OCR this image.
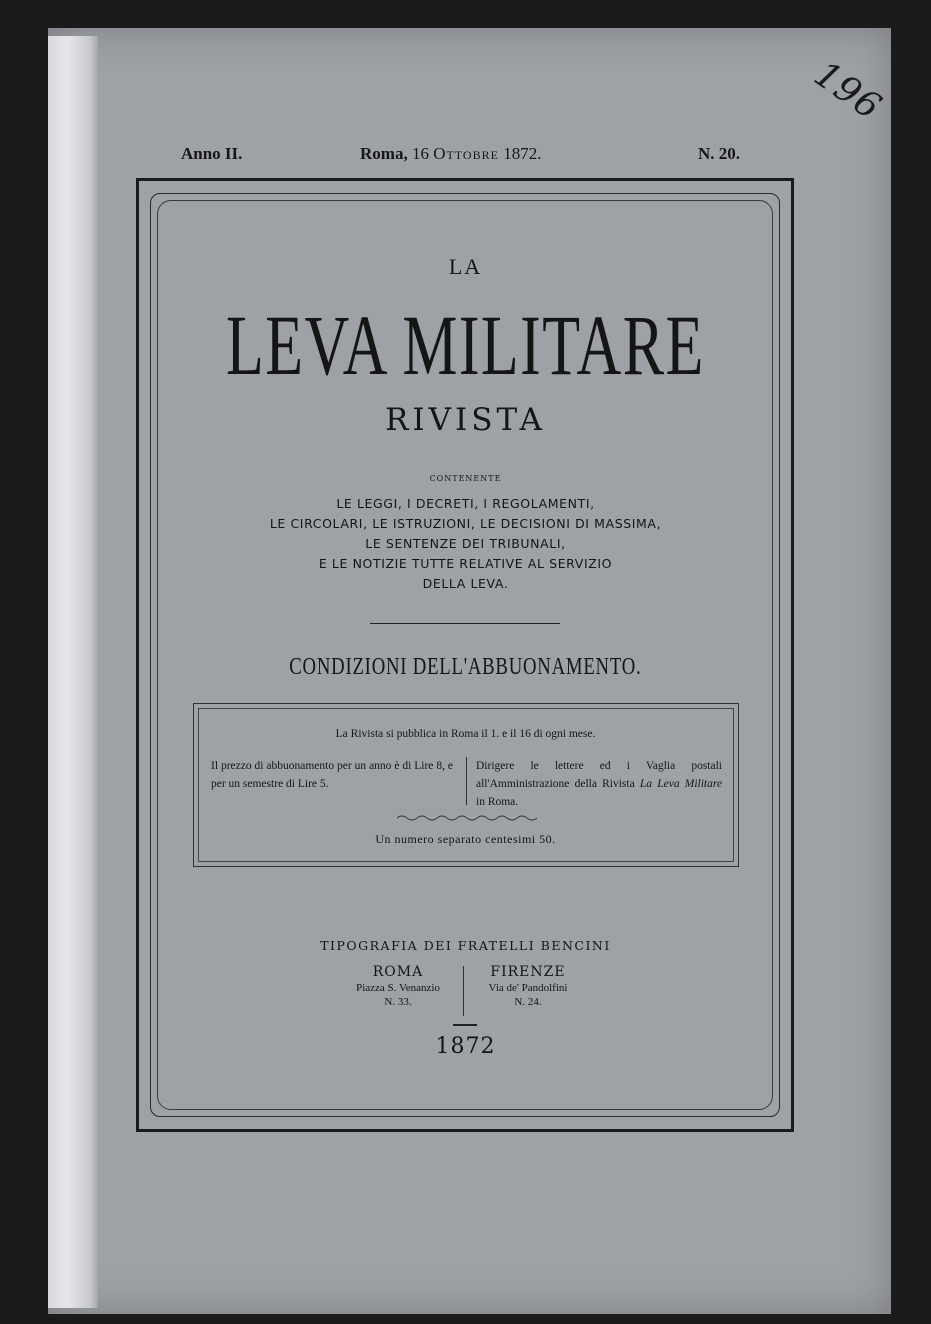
196
Anno II.	Roma, 16 Ottobre 1872.	N. 20.
LA
LEVA MILITARE
RIVISTA
CONTENENTE
LE LEGGI, I DECRETI, I REGOLAMENTI,
LE CIRCOLARI, LE ISTRUZIONI, LE DECISIONI DI MASSIMA,
LE SENTENZE DEI TRIBUNALI,
E LE NOTIZIE TUTTE RELATIVE AL SERVIZIO
DELLA LEVA.
CONDIZIONI DELL'ABBUONAMENTO.
La Rivista si pubblica in Roma il 1. e il 16 di ogni mese.
Il prezzo di abbuonamento per un anno è di Lire 8, e per un semestre di Lire 5.
Dirigere le lettere ed i Vaglia postali all'Amministrazione della Rivista La Leva Militare in Roma.
Un numero separato centesimi 50.
TIPOGRAFIA DEI FRATELLI BENCINI
ROMA
Piazza S. Venanzio
N. 33.
FIRENZE
Via de' Pandolfini
N. 24.
1872
